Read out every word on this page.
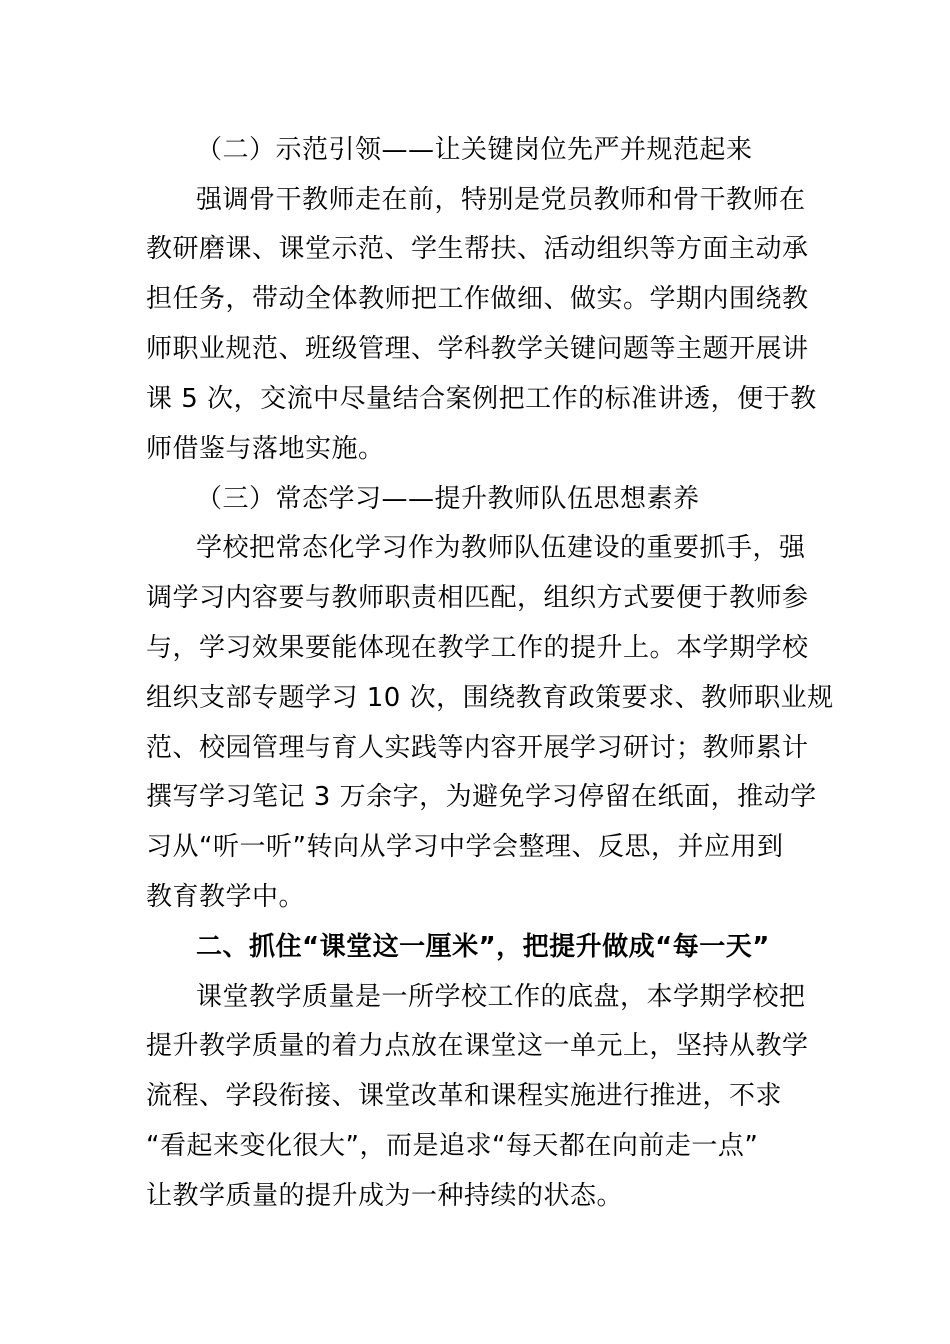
（二）示范引领——让关键岗位先严并规范起来
强调骨干教师走在前，特别是党员教师和骨干教师在
教研磨课、课堂示范、学生帮扶、活动组织等方面主动承
担任务，带动全体教师把工作做细、做实。学期内围绕教
师职业规范、班级管理、学科教学关键问题等主题开展讲
课 5 次，交流中尽量结合案例把工作的标准讲透，便于教
师借鉴与落地实施。
（三）常态学习——提升教师队伍思想素养
学校把常态化学习作为教师队伍建设的重要抓手，强
调学习内容要与教师职责相匹配，组织方式要便于教师参
与，学习效果要能体现在教学工作的提升上。本学期学校
组织支部专题学习 10 次，围绕教育政策要求、教师职业规
范、校园管理与育人实践等内容开展学习研讨；教师累计
撰写学习笔记 3 万余字，为避免学习停留在纸面，推动学
习从“听一听”转向从学习中学会整理、反思，并应用到
教育教学中。
二、抓住“课堂这一厘米”，把提升做成“每一天”
课堂教学质量是一所学校工作的底盘，本学期学校把
提升教学质量的着力点放在课堂这一单元上，坚持从教学
流程、学段衔接、课堂改革和课程实施进行推进，不求
“看起来变化很大”，而是追求“每天都在向前走一点”
让教学质量的提升成为一种持续的状态。
